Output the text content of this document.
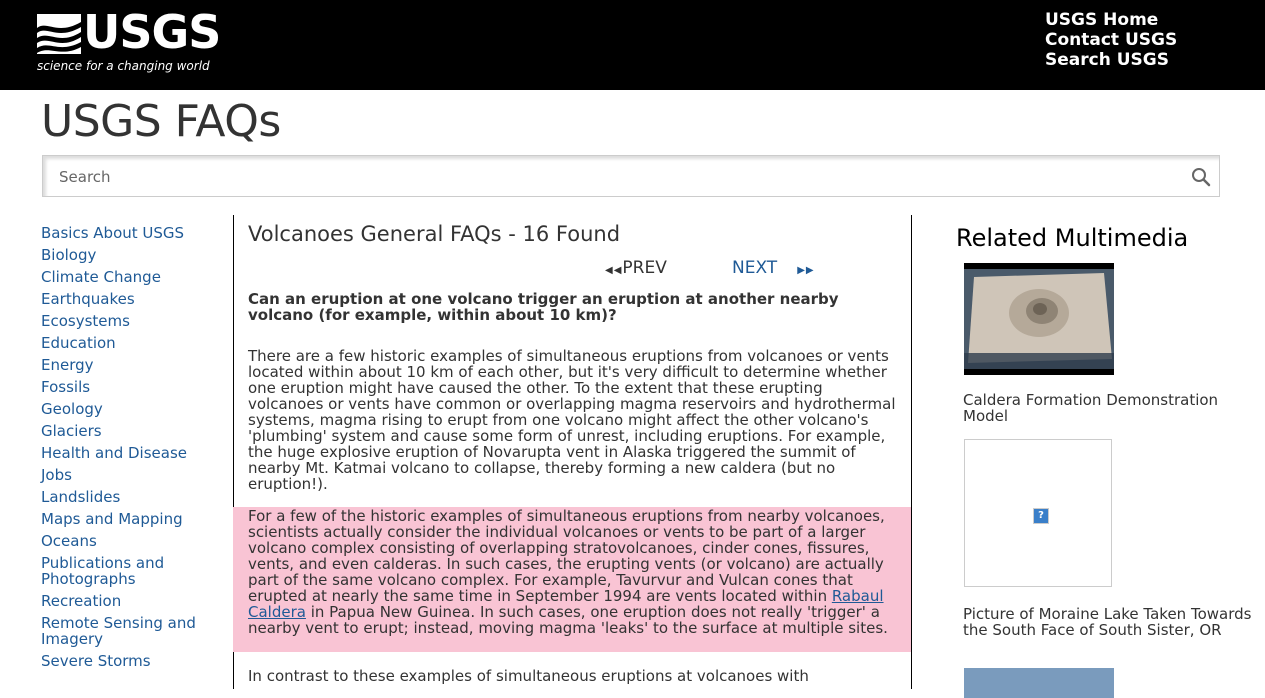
USGS
science for a changing world
USGS Home
Contact USGS
Search USGS
USGS FAQs
Search
Basics About USGS
Biology
Climate Change
Earthquakes
Ecosystems
Education
Energy
Fossils
Geology
Glaciers
Health and Disease
Jobs
Landslides
Maps and Mapping
Oceans
Publications and Photographs
Recreation
Remote Sensing and Imagery
Severe Storms
Volcanoes General FAQs - 16 Found
◀◀PREV	NEXT ▶▶

Can an eruption at one volcano trigger an eruption at another nearby volcano (for example, within about 10 km)?

There are a few historic examples of simultaneous eruptions from volcanoes or vents located within about 10 km of each other, but it's very difficult to determine whether one eruption might have caused the other. To the extent that these erupting volcanoes or vents have common or overlapping magma reservoirs and hydrothermal systems, magma rising to erupt from one volcano might affect the other volcano's 'plumbing' system and cause some form of unrest, including eruptions. For example, the huge explosive eruption of Novarupta vent in Alaska triggered the summit of nearby Mt. Katmai volcano to collapse, thereby forming a new caldera (but no eruption!).

For a few of the historic examples of simultaneous eruptions from nearby volcanoes, scientists actually consider the individual volcanoes or vents to be part of a larger volcano complex consisting of overlapping stratovolcanoes, cinder cones, fissures, vents, and even calderas. In such cases, the erupting vents (or volcano) are actually part of the same volcano complex. For example, Tavurvur and Vulcan cones that erupted at nearly the same time in September 1994 are vents located within Rabaul Caldera in Papua New Guinea. In such cases, one eruption does not really 'trigger' a nearby vent to erupt; instead, moving magma 'leaks' to the surface at multiple sites.

In contrast to these examples of simultaneous eruptions at volcanoes with

Related Multimedia

Caldera Formation Demonstration Model

?

Picture of Moraine Lake Taken Towards the South Face of South Sister, OR
